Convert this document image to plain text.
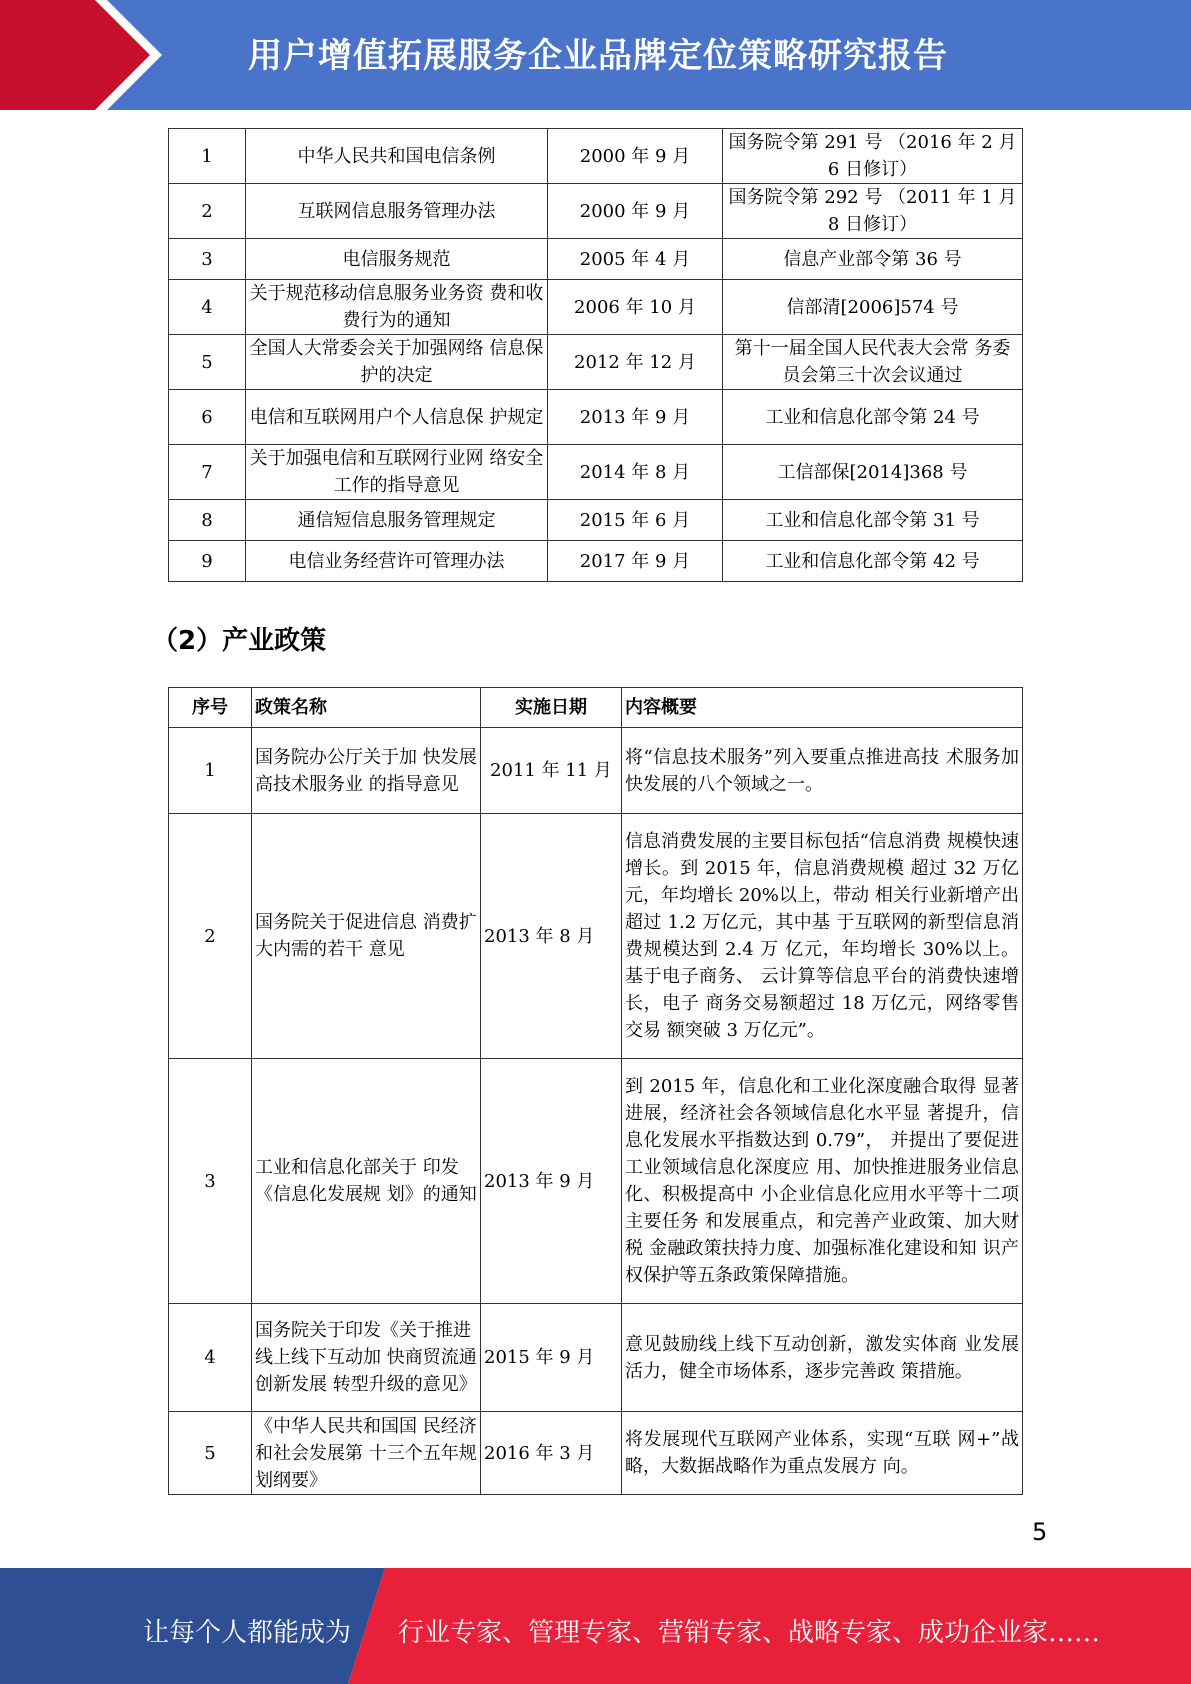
用户增值拓展服务企业品牌定位策略研究报告
1	中华人民共和国电信条例	2000 年 9 月	国务院令第 291 号 （2016 年 2 月 6 日修订）
2	互联网信息服务管理办法	2000 年 9 月	国务院令第 292 号 （2011 年 1 月 8 日修订）
3	电信服务规范	2005 年 4 月	信息产业部令第 36 号
4	关于规范移动信息服务业务资 费和收费行为的通知	2006 年 10 月	信部清[2006]574 号
5	全国人大常委会关于加强网络 信息保护的决定	2012 年 12 月	第十一届全国人民代表大会常 务委员会第三十次会议通过
6	电信和互联网用户个人信息保 护规定	2013 年 9 月	工业和信息化部令第 24 号
7	关于加强电信和互联网行业网 络安全工作的指导意见	2014 年 8 月	工信部保[2014]368 号
8	通信短信息服务管理规定	2015 年 6 月	工业和信息化部令第 31 号
9	电信业务经营许可管理办法	2017 年 9 月	工业和信息化部令第 42 号
（2）产业政策
序号	政策名称	实施日期	内容概要
1	国务院办公厅关于加 快发展高技术服务业 的指导意见	2011 年 11 月	将“信息技术服务”列入要重点推进高技 术服务加快发展的八个领域之一。
2	国务院关于促进信息 消费扩大内需的若干 意见	2013 年 8 月	信息消费发展的主要目标包括“信息消费 规模快速增长。到 2015 年，信息消费规模 超过 32 万亿元，年均增长 20%以上，带动 相关行业新增产出超过 1.2 万亿元，其中基 于互联网的新型信息消费规模达到 2.4 万 亿元，年均增长 30%以上。基于电子商务、 云计算等信息平台的消费快速增长，电子 商务交易额超过 18 万亿元，网络零售交易 额突破 3 万亿元”。
3	工业和信息化部关于 印发《信息化发展规 划》的通知	2013 年 9 月	到 2015 年，信息化和工业化深度融合取得 显著进展，经济社会各领域信息化水平显 著提升，信息化发展水平指数达到 0.79”， 并提出了要促进工业领域信息化深度应 用、加快推进服务业信息化、积极提高中 小企业信息化应用水平等十二项主要任务 和发展重点，和完善产业政策、加大财税 金融政策扶持力度、加强标准化建设和知 识产权保护等五条政策保障措施。
4	国务院关于印发《关于推进线上线下互动加 快商贸流通创新发展 转型升级的意见》	2015 年 9 月	意见鼓励线上线下互动创新，激发实体商 业发展活力，健全市场体系，逐步完善政 策措施。
5	《中华人民共和国国 民经济和社会发展第 十三个五年规划纲要》	2016 年 3 月	将发展现代互联网产业体系，实现“互联 网+”战略，大数据战略作为重点发展方 向。
5
让每个人都能成为 行业专家、管理专家、营销专家、战略专家、成功企业家……
